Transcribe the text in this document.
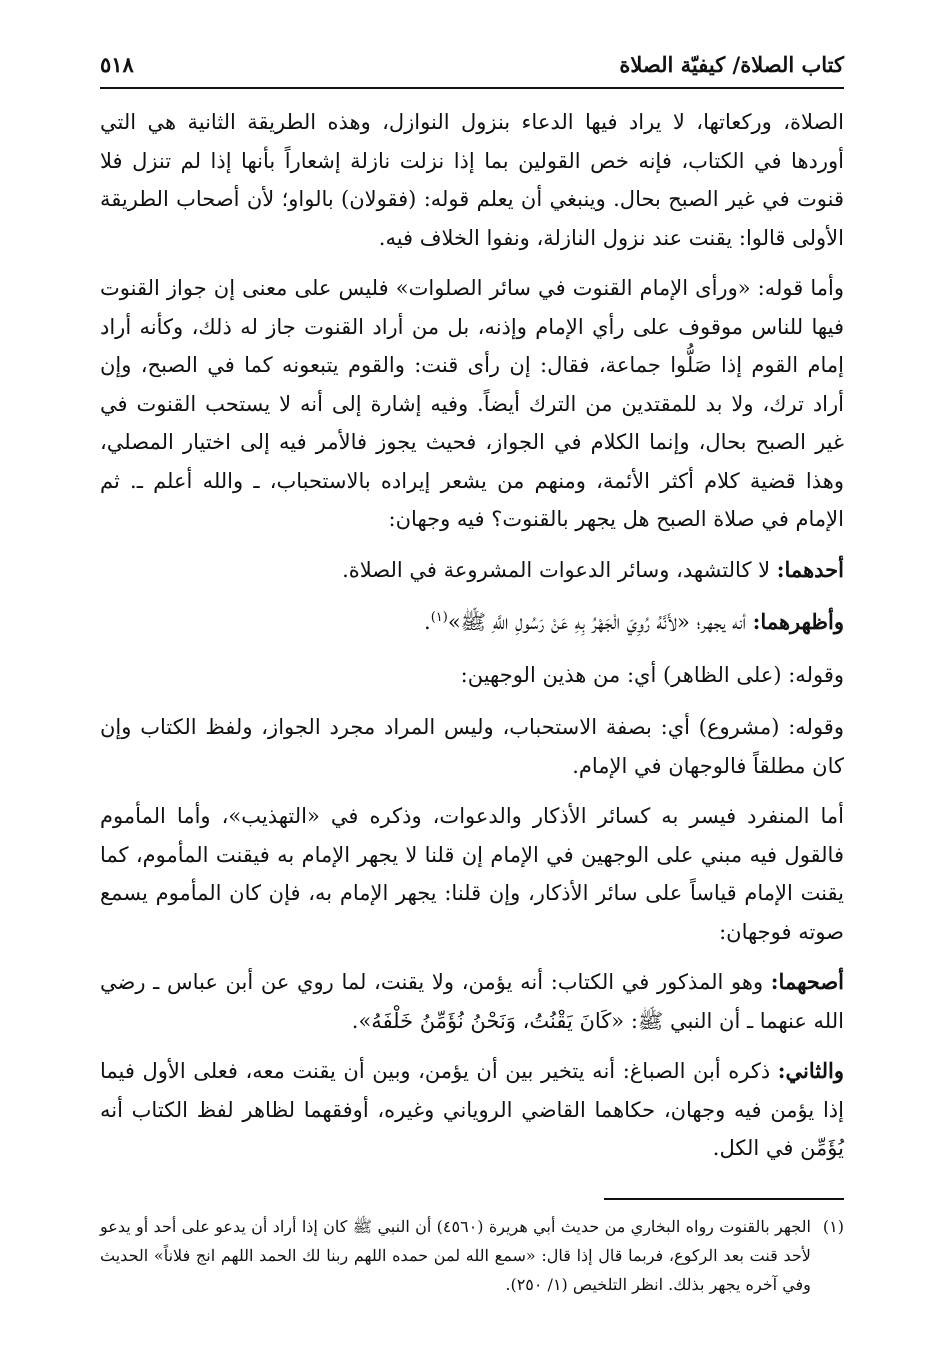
كتاب الصلاة/ كيفيّة الصلاة
٥١٨

الصلاة، وركعاتها، لا يراد فيها الدعاء بنزول النوازل، وهذه الطريقة الثانية هي التي أوردها في الكتاب، فإنه خص القولين بما إذا نزلت نازلة إشعاراً بأنها إذا لم تنزل فلا قنوت في غير الصبح بحال. وينبغي أن يعلم قوله: (فقولان) بالواو؛ لأن أصحاب الطريقة الأولى قالوا: يقنت عند نزول النازلة، ونفوا الخلاف فيه.

وأما قوله: «ورأى الإمام القنوت في سائر الصلوات» فليس على معنى إن جواز القنوت فيها للناس موقوف على رأي الإمام وإذنه، بل من أراد القنوت جاز له ذلك، وكأنه أراد إمام القوم إذا صَلُّوا جماعة، فقال: إن رأى قنت: والقوم يتبعونه كما في الصبح، وإن أراد ترك، ولا بد للمقتدين من الترك أيضاً. وفيه إشارة إلى أنه لا يستحب القنوت في غير الصبح بحال، وإنما الكلام في الجواز، فحيث يجوز فالأمر فيه إلى اختيار المصلي، وهذا قضية كلام أكثر الأئمة، ومنهم من يشعر إيراده بالاستحباب، ـ والله أعلم ـ. ثم الإمام في صلاة الصبح هل يجهر بالقنوت؟ فيه وجهان:

أحدهما: لا كالتشهد، وسائر الدعوات المشروعة في الصلاة.

وأظهرهما: أنه يجهر؛ «لأَنَّهُ رُوِيَ الْجَهْرُ بِهِ عَنْ رَسُولِ اللَّهِ ﷺ»$^{(١)}$.

وقوله: (على الظاهر) أي: من هذين الوجهين:

وقوله: (مشروع) أي: بصفة الاستحباب، وليس المراد مجرد الجواز، ولفظ الكتاب وإن كان مطلقاً فالوجهان في الإمام.

أما المنفرد فيسر به كسائر الأذكار والدعوات، وذكره في «التهذيب»، وأما المأموم فالقول فيه مبني على الوجهين في الإمام إن قلنا لا يجهر الإمام به فيقنت المأموم، كما يقنت الإمام قياساً على سائر الأذكار، وإن قلنا: يجهر الإمام به، فإن كان المأموم يسمع صوته فوجهان:

أصحهما: وهو المذكور في الكتاب: أنه يؤمن، ولا يقنت، لما روي عن أبن عباس ـ رضي الله عنهما ـ أن النبي ﷺ: «كَانَ يَقْنُتُ، وَنَحْنُ نُؤَمِّنُ خَلْفَهُ».

والثاني: ذكره أبن الصباغ: أنه يتخير بين أن يؤمن، وبين أن يقنت معه، فعلى الأول فيما إذا يؤمن فيه وجهان، حكاهما القاضي الروياني وغيره، أوفقهما لظاهر لفظ الكتاب أنه يُؤَمِّن في الكل.

(١)
الجهر بالقنوت رواه البخاري من حديث أبي هريرة (٤٥٦٠) أن النبي ﷺ كان إذا أراد أن يدعو على أحد أو يدعو لأحد قنت بعد الركوع، فربما قال إذا قال: «سمع الله لمن حمده اللهم ربنا لك الحمد اللهم انج فلاناً» الحديث وفي آخره يجهر بذلك. انظر التلخيص (١/ ٢٥٠).
